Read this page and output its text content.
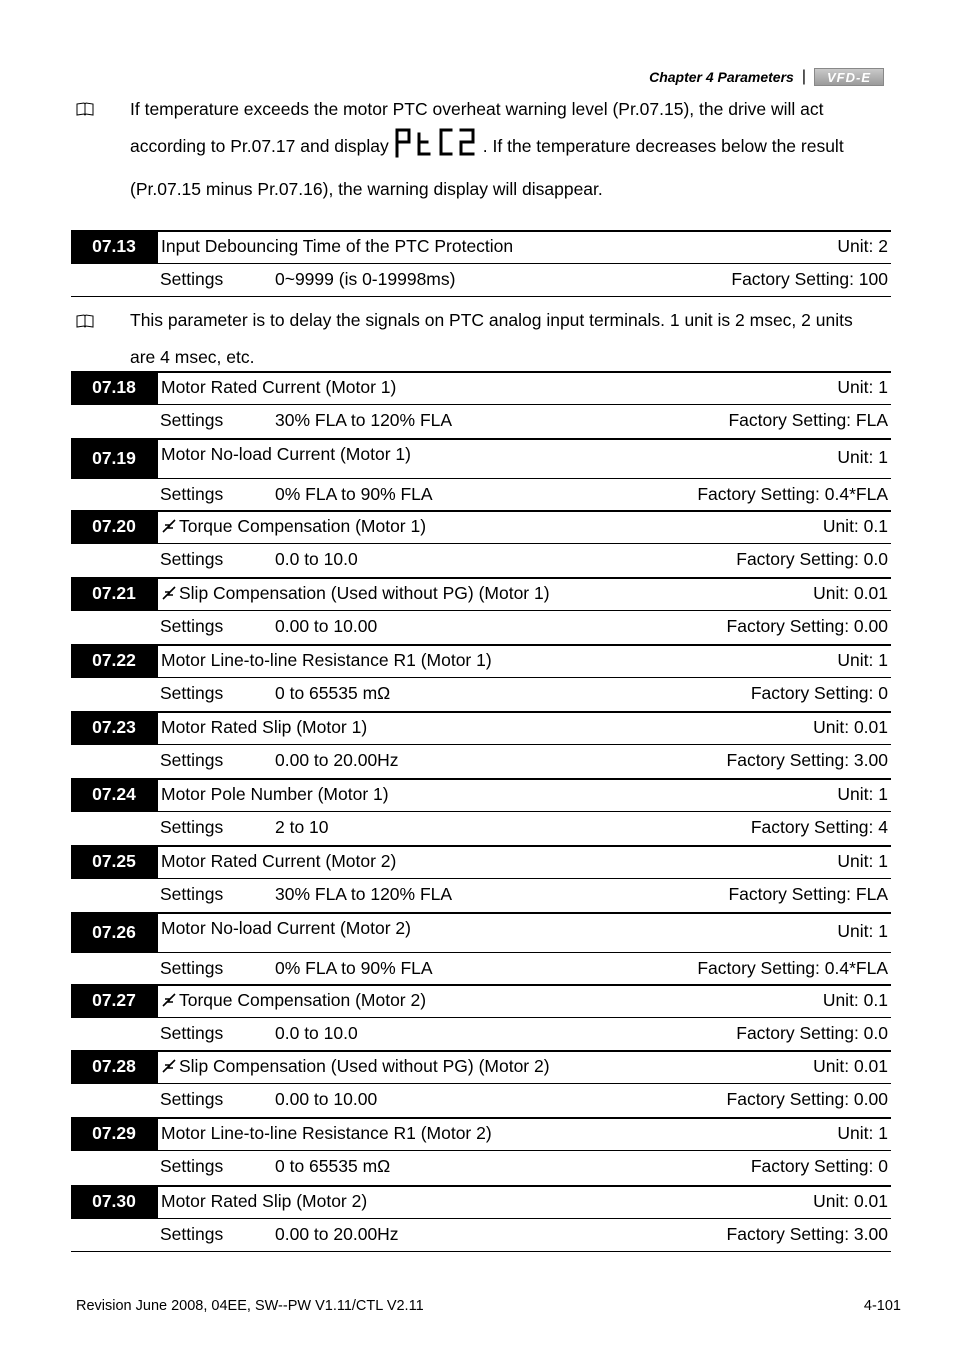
Chapter 4 Parameters | VFD-E
If temperature exceeds the motor PTC overheat warning level (Pr.07.15), the drive will act
according to Pr.07.17 and display	. If the temperature decreases below the result
(Pr.07.15 minus Pr.07.16), the warning display will disappear.
07.13 Input Debouncing Time of the PTC Protection	Unit: 2
Settings	0~9999 (is 0-19998ms)	Factory Setting: 100
07.18 Motor Rated Current (Motor 1)	Unit: 1
Settings	30% FLA to 120% FLA	Factory Setting: FLA
07.19 Motor No-load Current (Motor 1)	Unit: 1
Settings	0% FLA to 90% FLA	Factory Setting: 0.4*FLA
07.20	Torque Compensation (Motor 1)	Unit: 0.1
Settings	0.0 to 10.0	Factory Setting: 0.0
07.21	Slip Compensation (Used without PG) (Motor 1)	Unit: 0.01
Settings	0.00 to 10.00	Factory Setting: 0.00
07.22 Motor Line-to-line Resistance R1 (Motor 1)	Unit: 1
Settings	0 to 65535 mΩ	Factory Setting: 0
07.23 Motor Rated Slip (Motor 1)	Unit: 0.01
Settings	0.00 to 20.00Hz	Factory Setting: 3.00
07.24 Motor Pole Number (Motor 1)	Unit: 1
Settings	2 to 10	Factory Setting: 4
07.25 Motor Rated Current (Motor 2)	Unit: 1
Settings	30% FLA to 120% FLA	Factory Setting: FLA
07.26 Motor No-load Current (Motor 2)	Unit: 1
Settings	0% FLA to 90% FLA	Factory Setting: 0.4*FLA
07.27	Torque Compensation (Motor 2)	Unit: 0.1
Settings	0.0 to 10.0	Factory Setting: 0.0
07.28	Slip Compensation (Used without PG) (Motor 2)	Unit: 0.01
Settings	0.00 to 10.00	Factory Setting: 0.00
07.29 Motor Line-to-line Resistance R1 (Motor 2)	Unit: 1
Settings	0 to 65535 mΩ	Factory Setting: 0
07.30 Motor Rated Slip (Motor 2)	Unit: 0.01
Settings	0.00 to 20.00Hz	Factory Setting: 3.00
This parameter is to delay the signals on PTC analog input terminals. 1 unit is 2 msec, 2 units
are 4 msec, etc.
Revision June 2008, 04EE, SW--PW V1.11/CTL V2.11	4-101
